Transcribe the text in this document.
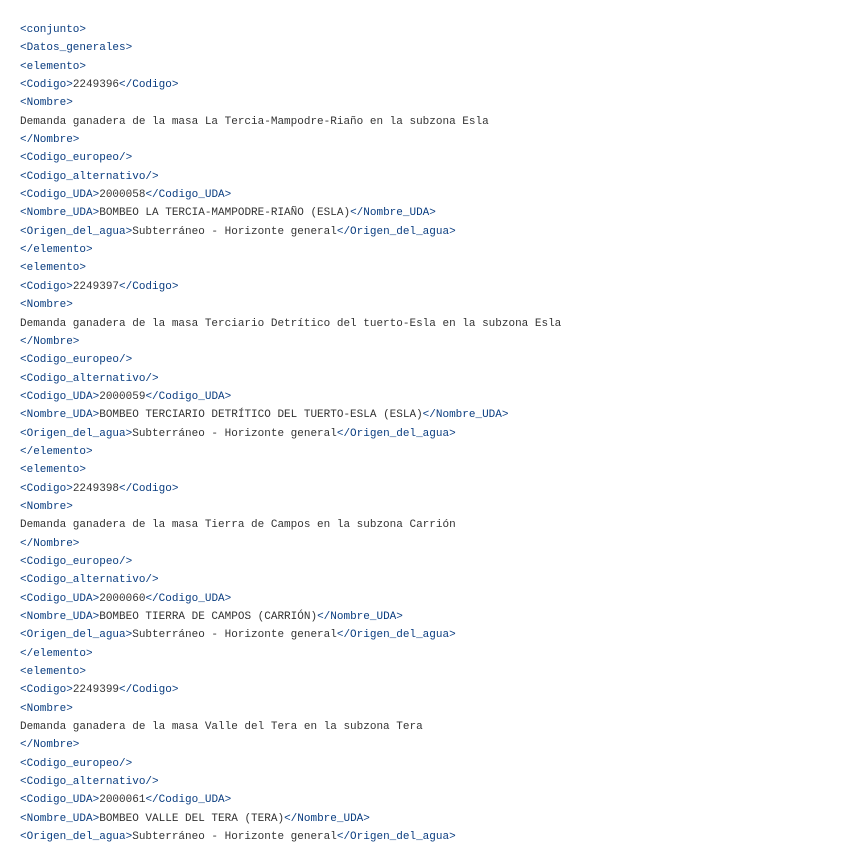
<conjunto>
<Datos_generales>
<elemento>
<Codigo>2249396</Codigo>
<Nombre>
Demanda ganadera de la masa La Tercia-Mampodre-Riaño en la subzona Esla
</Nombre>
<Codigo_europeo/>
<Codigo_alternativo/>
<Codigo_UDA>2000058</Codigo_UDA>
<Nombre_UDA>BOMBEO LA TERCIA-MAMPODRE-RIAÑO (ESLA)</Nombre_UDA>
<Origen_del_agua>Subterráneo - Horizonte general</Origen_del_agua>
</elemento>
<elemento>
<Codigo>2249397</Codigo>
<Nombre>
Demanda ganadera de la masa Terciario Detrítico del tuerto-Esla en la subzona Esla
</Nombre>
<Codigo_europeo/>
<Codigo_alternativo/>
<Codigo_UDA>2000059</Codigo_UDA>
<Nombre_UDA>BOMBEO TERCIARIO DETRÍTICO DEL TUERTO-ESLA (ESLA)</Nombre_UDA>
<Origen_del_agua>Subterráneo - Horizonte general</Origen_del_agua>
</elemento>
<elemento>
<Codigo>2249398</Codigo>
<Nombre>
Demanda ganadera de la masa Tierra de Campos en la subzona Carrión
</Nombre>
<Codigo_europeo/>
<Codigo_alternativo/>
<Codigo_UDA>2000060</Codigo_UDA>
<Nombre_UDA>BOMBEO TIERRA DE CAMPOS (CARRIÓN)</Nombre_UDA>
<Origen_del_agua>Subterráneo - Horizonte general</Origen_del_agua>
</elemento>
<elemento>
<Codigo>2249399</Codigo>
<Nombre>
Demanda ganadera de la masa Valle del Tera en la subzona Tera
</Nombre>
<Codigo_europeo/>
<Codigo_alternativo/>
<Codigo_UDA>2000061</Codigo_UDA>
<Nombre_UDA>BOMBEO VALLE DEL TERA (TERA)</Nombre_UDA>
<Origen_del_agua>Subterráneo - Horizonte general</Origen_del_agua>
